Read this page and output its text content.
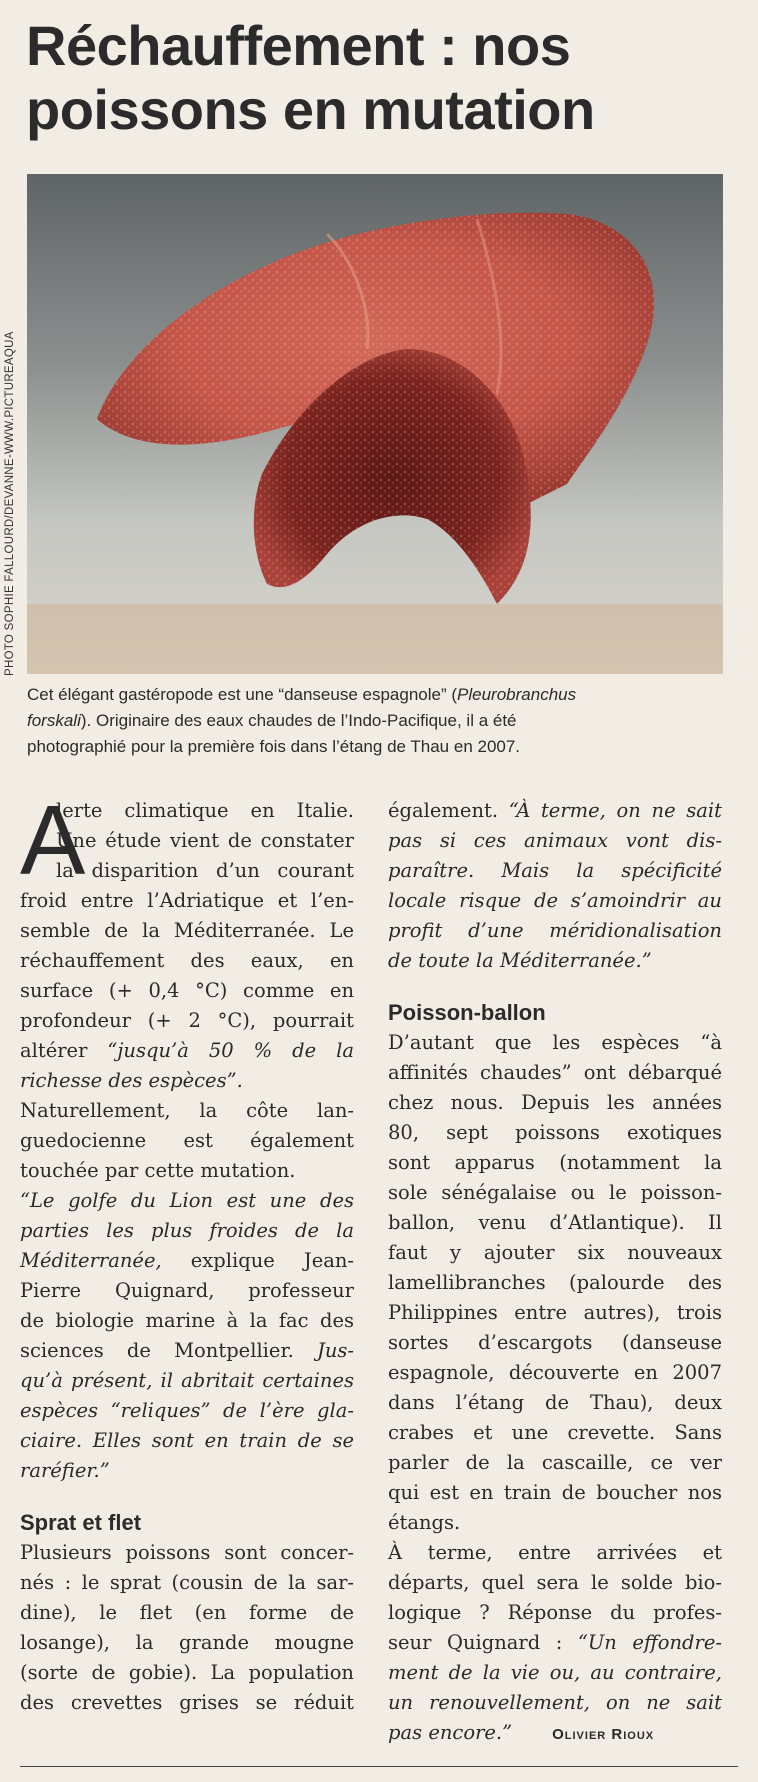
Réchauffement : nos
poissons en mutation
PHOTO SOPHIE FALLOURD/DEVANNE-WWW.PICTUREAQUA

Cet élégant gastéropode est une “danseuse espagnole” (Pleurobranchus

forskali). Originaire des eaux chaudes de l’Indo-Pacifique, il a été

photographié pour la première fois dans l’étang de Thau en 2007.

A
lerte climatique en Italie.
Une étude vient de constater
la disparition d’un courant
froid entre l’Adriatique et l’en-
semble de la Méditerranée. Le
réchauffement des eaux, en
surface (+ 0,4 °C) comme en
profondeur (+ 2 °C), pourrait
altérer “jusqu’à 50 % de la
richesse des espèces”.
Naturellement, la côte lan-
guedocienne est également
touchée par cette mutation.
“Le golfe du Lion est une des
parties les plus froides de la
Méditerranée, explique Jean-
Pierre Quignard, professeur
de biologie marine à la fac des
sciences de Montpellier. Jus-
qu’à présent, il abritait certaines
espèces “reliques” de l’ère gla-
ciaire. Elles sont en train de se
raréfier.”
Sprat et flet
Plusieurs poissons sont concer-
nés : le sprat (cousin de la sar-
dine), le flet (en forme de
losange), la grande mougne
(sorte de gobie). La population
des crevettes grises se réduit
également. “À terme, on ne sait
pas si ces animaux vont dis-
paraître. Mais la spécificité
locale risque de s’amoindrir au
profit d’une méridionalisation
de toute la Méditerranée.”
Poisson-ballon
D’autant que les espèces “à
affinités chaudes” ont débarqué
chez nous. Depuis les années
80, sept poissons exotiques
sont apparus (notamment la
sole sénégalaise ou le poisson-
ballon, venu d’Atlantique). Il
faut y ajouter six nouveaux
lamellibranches (palourde des
Philippines entre autres), trois
sortes d’escargots (danseuse
espagnole, découverte en 2007
dans l’étang de Thau), deux
crabes et une crevette. Sans
parler de la cascaille, ce ver
qui est en train de boucher nos
étangs.
À terme, entre arrivées et
départs, quel sera le solde bio-
logique ? Réponse du profes-
seur Quignard : “Un effondre-
ment de la vie ou, au contraire,
un renouvellement, on ne sait
pas encore.”	Olivier Rioux
